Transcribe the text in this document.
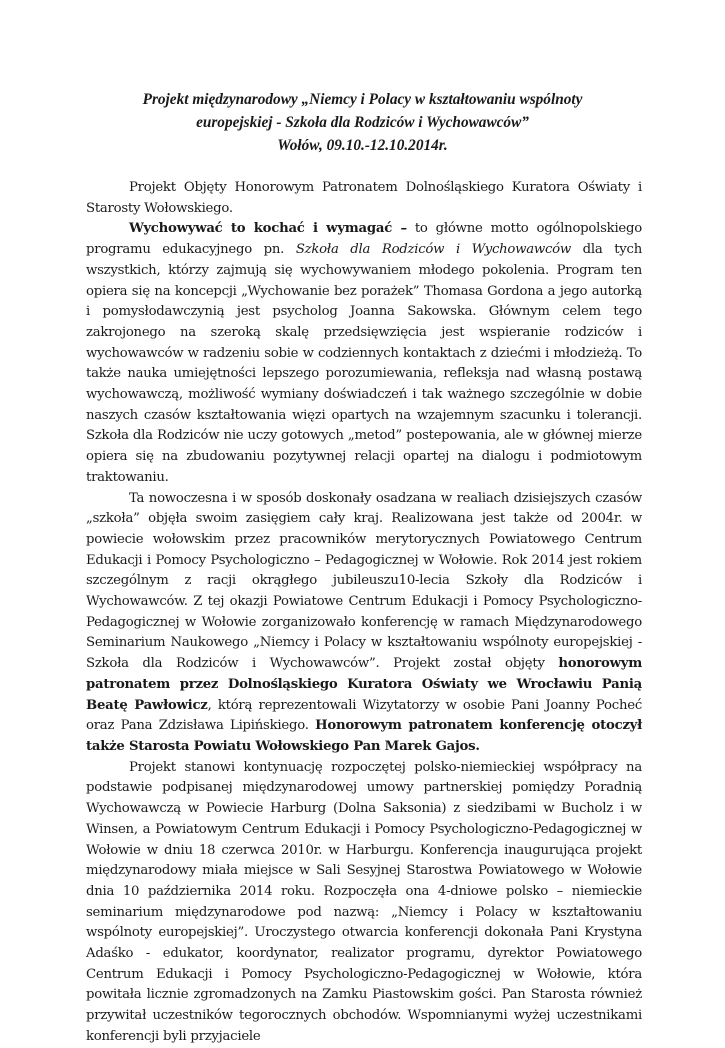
Projekt międzynarodowy „Niemcy i Polacy w kształtowaniu wspólnoty
europejskiej - Szkoła dla Rodziców i Wychowawców”
Wołów, 09.10.-12.10.2014r.

Projekt Objęty Honorowym Patronatem Dolnośląskiego Kuratora Oświaty i Starosty Wołowskiego.

Wychowywać to kochać i wymagać – to główne motto ogólnopolskiego programu edukacyjnego pn. Szkoła dla Rodziców i Wychowawców dla tych wszystkich, którzy zajmują się wychowywaniem młodego pokolenia. Program ten opiera się na koncepcji „Wychowanie bez porażek” Thomasa Gordona a jego autorką i pomysłodawczynią jest psycholog Joanna Sakowska. Głównym celem tego zakrojonego na szeroką skalę przedsięwzięcia jest wspieranie rodziców i wychowawców w radzeniu sobie w codziennych kontaktach z dziećmi i młodzieżą. To także nauka umiejętności lepszego porozumiewania, refleksja nad własną postawą wychowawczą, możliwość wymiany doświadczeń i tak ważnego szczególnie w dobie naszych czasów kształtowania więzi opartych na wzajemnym szacunku i tolerancji. Szkoła dla Rodziców nie uczy gotowych „metod” postepowania, ale w głównej mierze opiera się na zbudowaniu pozytywnej relacji opartej na dialogu i podmiotowym traktowaniu.

Ta nowoczesna i w sposób doskonały osadzana w realiach dzisiejszych czasów „szkoła” objęła swoim zasięgiem cały kraj. Realizowana jest także od 2004r. w powiecie wołowskim przez pracowników merytorycznych Powiatowego Centrum Edukacji i Pomocy Psychologiczno – Pedagogicznej w Wołowie. Rok 2014 jest rokiem szczególnym z racji okrągłego jubileuszu10-lecia Szkoły dla Rodziców i Wychowawców. Z tej okazji Powiatowe Centrum Edukacji i Pomocy Psychologiczno-Pedagogicznej w Wołowie zorganizowało konferencję w ramach Międzynarodowego Seminarium Naukowego „Niemcy i Polacy w kształtowaniu wspólnoty europejskiej - Szkoła dla Rodziców i Wychowawców”. Projekt został objęty honorowym patronatem przez Dolnośląskiego Kuratora Oświaty we Wrocławiu Panią Beatę Pawłowicz, którą reprezentowali Wizytatorzy w osobie Pani Joanny Pocheć oraz Pana Zdzisława Lipińskiego. Honorowym patronatem konferencję otoczył także Starosta Powiatu Wołowskiego Pan Marek Gajos.

Projekt stanowi kontynuację rozpoczętej polsko-niemieckiej współpracy na podstawie podpisanej międzynarodowej umowy partnerskiej pomiędzy Poradnią Wychowawczą w Powiecie Harburg (Dolna Saksonia) z siedzibami w Bucholz i w Winsen, a Powiatowym Centrum Edukacji i Pomocy Psychologiczno-Pedagogicznej w Wołowie w dniu 18 czerwca 2010r. w Harburgu. Konferencja inaugurująca projekt międzynarodowy miała miejsce w Sali Sesyjnej Starostwa Powiatowego w Wołowie dnia 10 października 2014 roku. Rozpoczęła ona 4-dniowe polsko – niemieckie seminarium międzynarodowe pod nazwą: „Niemcy i Polacy w kształtowaniu wspólnoty europejskiej”. Uroczystego otwarcia konferencji dokonała Pani Krystyna Adaśko - edukator, koordynator, realizator programu, dyrektor Powiatowego Centrum Edukacji i Pomocy Psychologiczno-Pedagogicznej w Wołowie, która powitała licznie zgromadzonych na Zamku Piastowskim gości. Pan Starosta również przywitał uczestników tegorocznych obchodów. Wspomnianymi wyżej uczestnikami konferencji byli przyjaciele
